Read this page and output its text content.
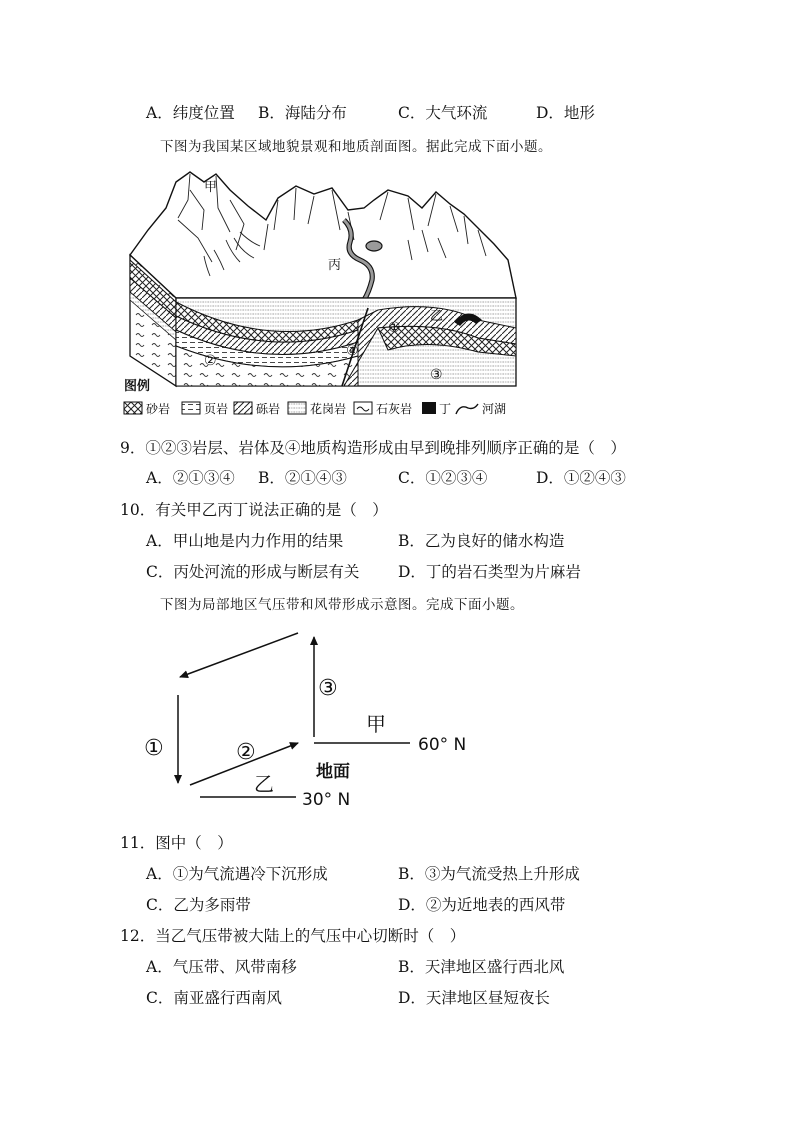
A．纬度位置 B．海陆分布	C．大气环流	D．地形
下图为我国某区域地貌景观和地质剖面图。据此完成下面小题。
甲
丙
乙
①
②
③
④
图例
砂岩	页岩 砾岩 花岗岩 石灰岩 丁	河湖
9．①②③岩层、岩体及④地质构造形成由早到晚排列顺序正确的是（　）
A．②①③④ B．②①④③	C．①②③④	D．①②④③
10．有关甲乙丙丁说法正确的是（　）
A．甲山地是内力作用的结果	B．乙为良好的储水构造
C．丙处河流的形成与断层有关 D．丁的岩石类型为片麻岩
下图为局部地区气压带和风带形成示意图。完成下面小题。
①	②
③
甲
乙
60° N
30° N
地面
11．图中（　）
A．①为气流遇冷下沉形成	B．③为气流受热上升形成
C．乙为多雨带	D．②为近地表的西风带
12．当乙气压带被大陆上的气压中心切断时（　）
A．气压带、风带南移	B．天津地区盛行西北风
C．南亚盛行西南风	D．天津地区昼短夜长
